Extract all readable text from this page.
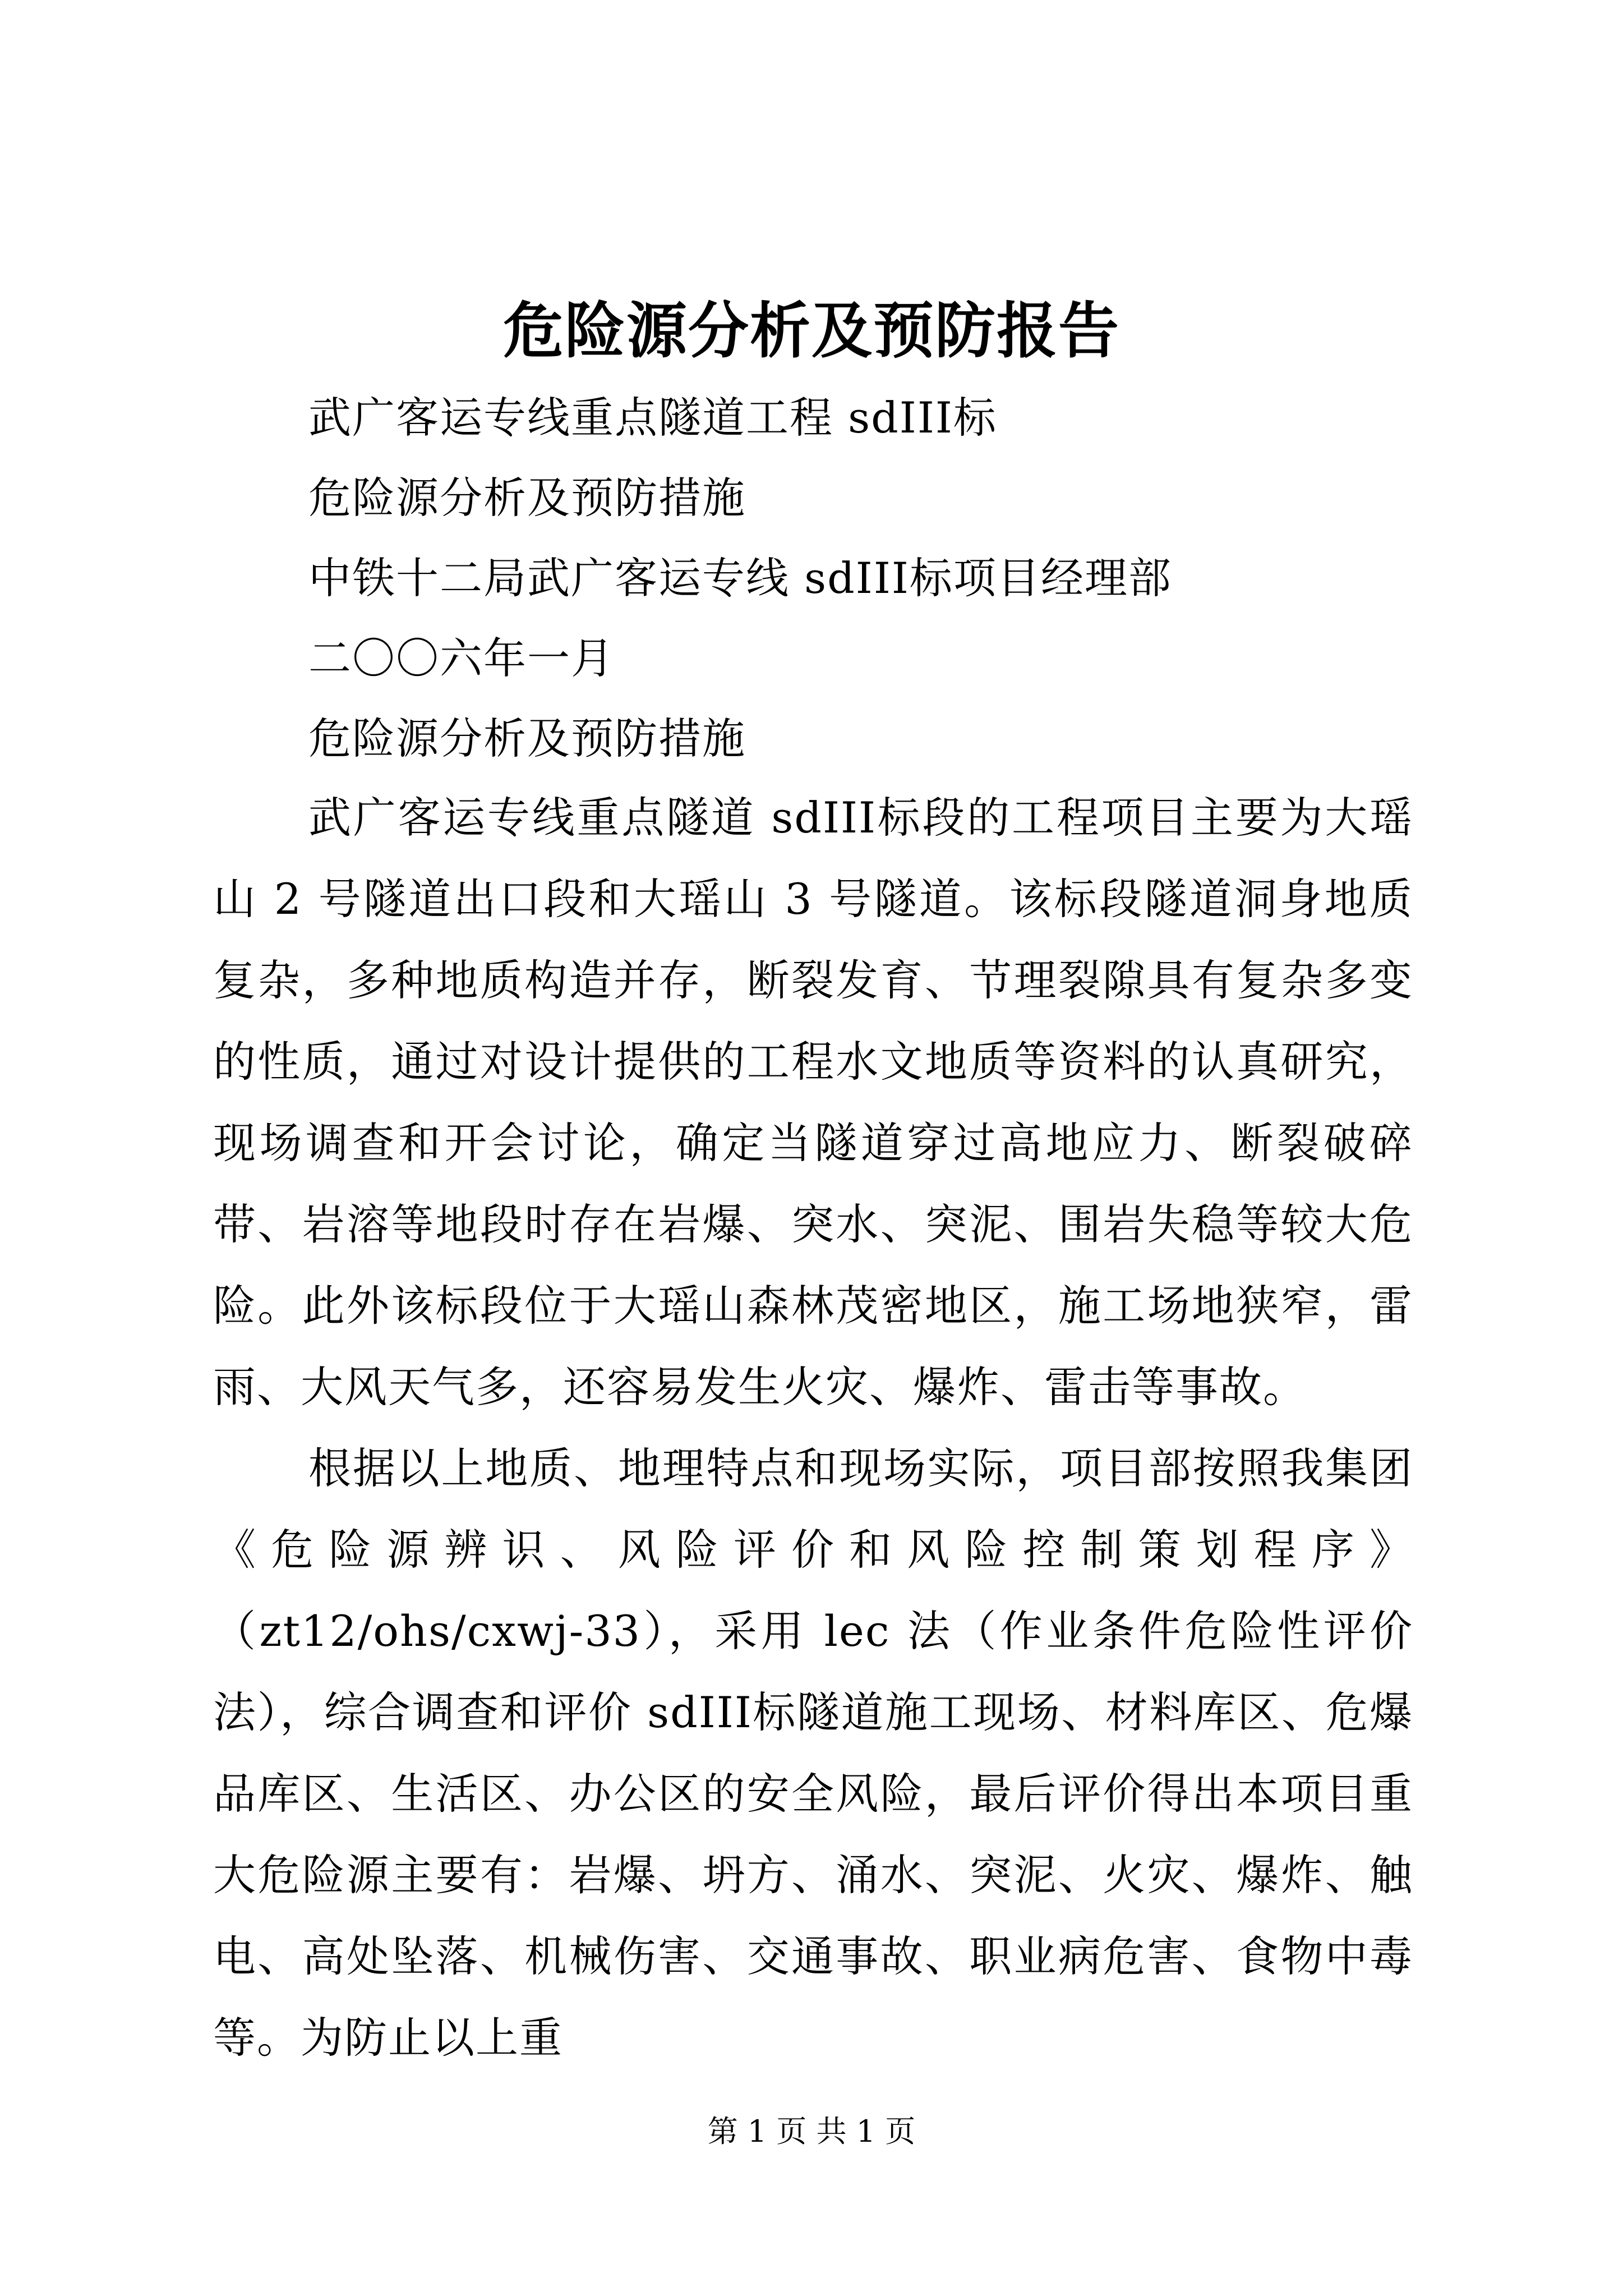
危险源分析及预防报告
武广客运专线重点隧道工程 sdIII标
危险源分析及预防措施
中铁十二局武广客运专线 sdIII标项目经理部
二〇〇六年一月
危险源分析及预防措施
武广客运专线重点隧道 sdIII标段的工程项目主要为大瑶山 2 号隧道出口段和大瑶山 3 号隧道。该标段隧道洞身地质复杂，多种地质构造并存，断裂发育、节理裂隙具有复杂多变的性质，通过对设计提供的工程水文地质等资料的认真研究，现场调查和开会讨论，确定当隧道穿过高地应力、断裂破碎带、岩溶等地段时存在岩爆、突水、突泥、围岩失稳等较大危险。此外该标段位于大瑶山森林茂密地区，施工场地狭窄，雷雨、大风天气多，还容易发生火灾、爆炸、雷击等事故。
根据以上地质、地理特点和现场实际，项目部按照我集团《危险源辨识、风险评价和风险控制策划程序》（zt12/ohs/cxwj-33），采用 lec 法（作业条件危险性评价法），综合调查和评价 sdIII标隧道施工现场、材料库区、危爆品库区、生活区、办公区的安全风险，最后评价得出本项目重大危险源主要有：岩爆、坍方、涌水、突泥、火灾、爆炸、触电、高处坠落、机械伤害、交通事故、职业病危害、食物中毒等。为防止以上重
第 1 页 共 1 页
